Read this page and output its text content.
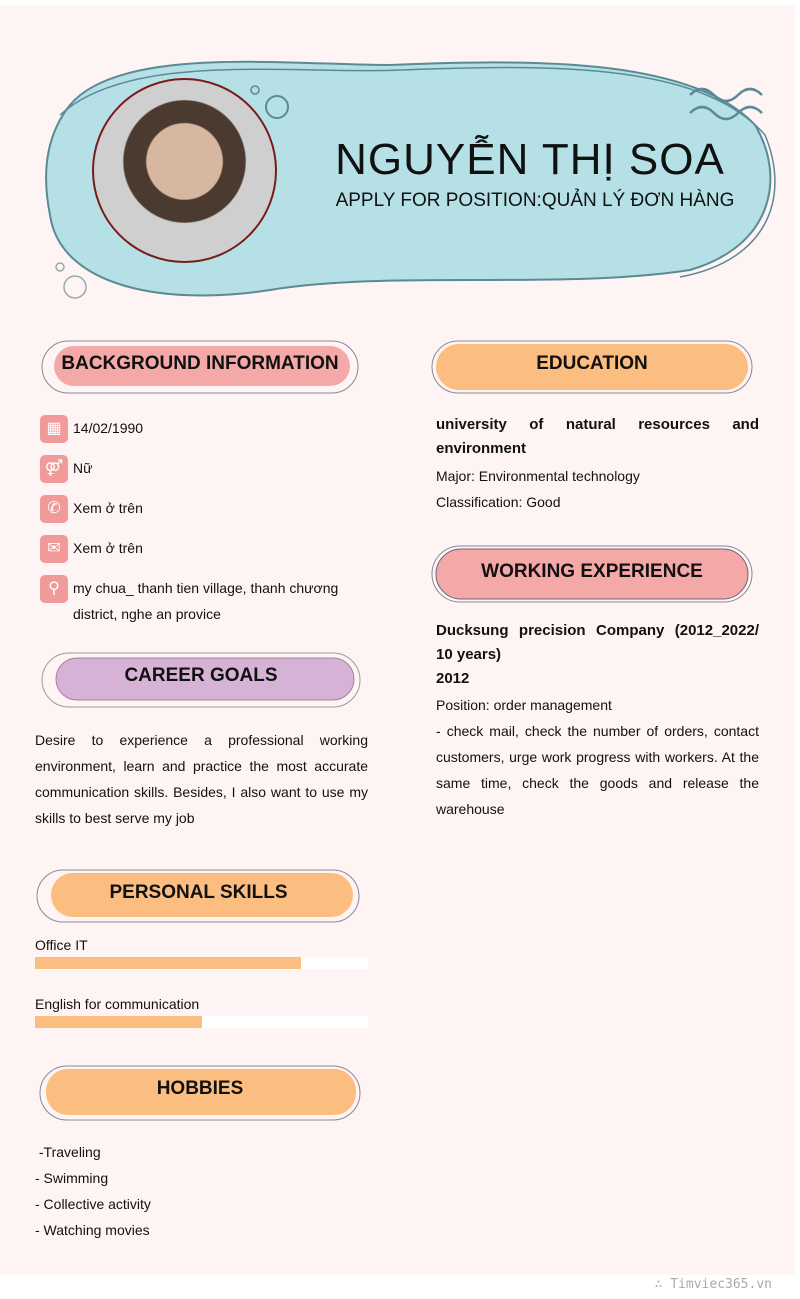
NGUYỄN THỊ SOA
APPLY FOR POSITION:QUẢN LÝ ĐƠN HÀNG
BACKGROUND INFORMATION
▦ 14/02/1990
⚤ Nữ
✆ Xem ở trên
✉ Xem ở trên
⚲ my chua_ thanh tien village, thanh chương district, nghe an provice
CAREER GOALS
Desire to experience a professional working environment, learn and practice the most accurate communication skills. Besides, I also want to use my skills to best serve my job
PERSONAL SKILLS
Office IT
English for communication
HOBBIES
-Traveling
- Swimming
- Collective activity
- Watching movies
EDUCATION
university of natural resources and environment
Major: Environmental technology
Classification: Good
WORKING EXPERIENCE
Ducksung precision Company (2012_2022/ 10 years)
2012
Position: order management
- check mail, check the number of orders, contact customers, urge work progress with workers. At the same time, check the goods and release the warehouse
∴ Timviec365.vn
